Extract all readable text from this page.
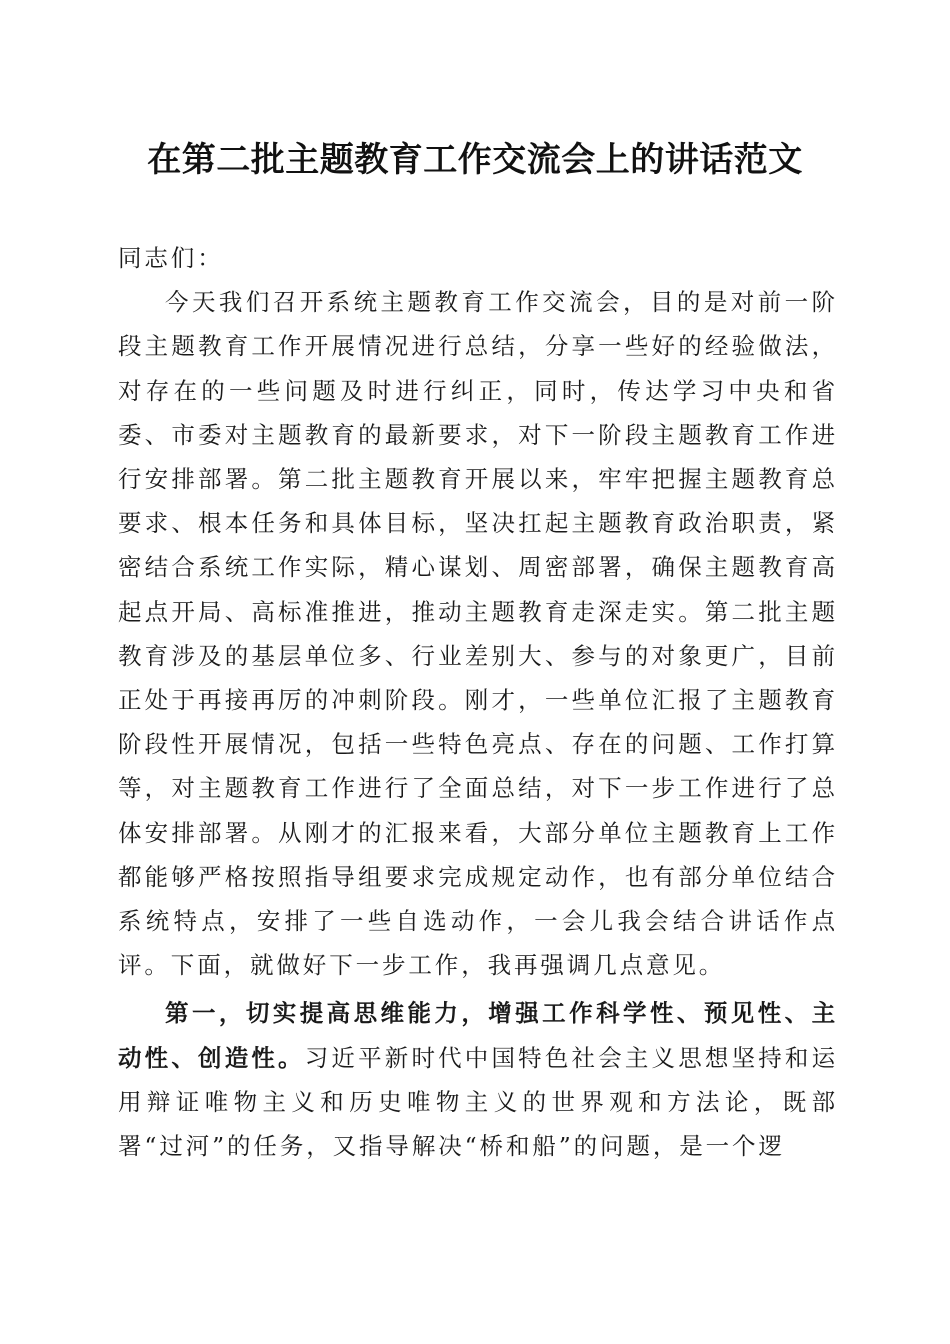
在第二批主题教育工作交流会上的讲话范文

同志们：

今天我们召开系统主题教育工作交流会，目的是对前一阶段主题教育工作开展情况进行总结，分享一些好的经验做法，对存在的一些问题及时进行纠正，同时，传达学习中央和省委、市委对主题教育的最新要求，对下一阶段主题教育工作进行安排部署。第二批主题教育开展以来，牢牢把握主题教育总要求、根本任务和具体目标，坚决扛起主题教育政治职责，紧密结合系统工作实际，精心谋划、周密部署，确保主题教育高起点开局、高标准推进，推动主题教育走深走实。第二批主题教育涉及的基层单位多、行业差别大、参与的对象更广，目前正处于再接再厉的冲刺阶段。刚才，一些单位汇报了主题教育阶段性开展情况，包括一些特色亮点、存在的问题、工作打算等，对主题教育工作进行了全面总结，对下一步工作进行了总体安排部署。从刚才的汇报来看，大部分单位主题教育上工作都能够严格按照指导组要求完成规定动作，也有部分单位结合系统特点，安排了一些自选动作，一会儿我会结合讲话作点评。下面，就做好下一步工作，我再强调几点意见。

第一，切实提高思维能力，增强工作科学性、预见性、主动性、创造性。习近平新时代中国特色社会主义思想坚持和运用辩证唯物主义和历史唯物主义的世界观和方法论，既部署“过河”的任务，又指导解决“桥和船”的问题，是一个逻
